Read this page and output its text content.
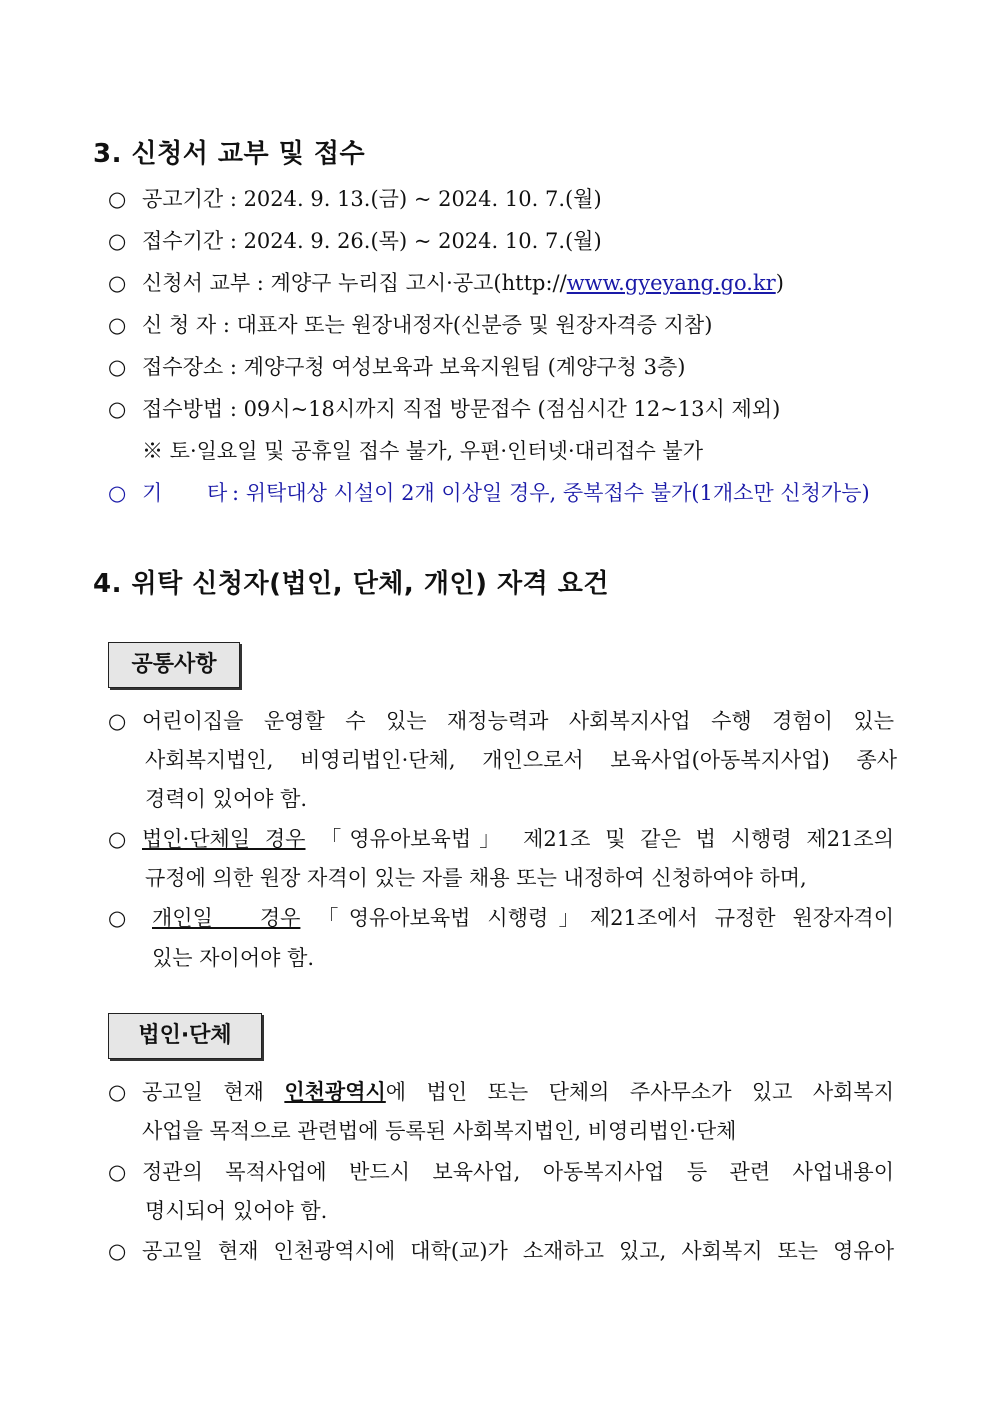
3. 신청서 교부 및 접수
○ 공고기간 : 2024. 9. 13.(금) ~ 2024. 10. 7.(월)
○ 접수기간 : 2024. 9. 26.(목) ~ 2024. 10. 7.(월)
○ 신청서 교부 : 계양구 누리집 고시·공고(http://www.gyeyang.go.kr)
○ 신 청 자 : 대표자 또는 원장내정자(신분증 및 원장자격증 지참)
○ 접수장소 : 계양구청 여성보육과 보육지원팀 (계양구청 3층)
○ 접수방법 : 09시~18시까지 직접 방문접수 (점심시간 12~13시 제외)
※ 토·일요일 및 공휴일 접수 불가, 우편·인터넷·대리접수 불가
○ 기 타 : 위탁대상 시설이 2개 이상일 경우, 중복접수 불가(1개소만 신청가능)
4. 위탁 신청자(법인, 단체, 개인) 자격 요건
공통사항
○ 어린이집을 운영할 수 있는 재정능력과 사회복지사업 수행 경험이 있는
사회복지법인, 비영리법인·단체, 개인으로서 보육사업(아동복지사업) 종사
경력이 있어야 함.
○ 법인·단체일 경우 「영유아보육법」 제21조 및 같은 법 시행령 제21조의
규정에 의한 원장 자격이 있는 자를 채용 또는 내정하여 신청하여야 하며,
○ 개인일 경우 「영유아보육법 시행령」제21조에서 규정한 원장자격이
있는 자이어야 함.
법인·단체
○ 공고일 현재 인천광역시에 법인 또는 단체의 주사무소가 있고 사회복지
사업을 목적으로 관련법에 등록된 사회복지법인, 비영리법인·단체
○ 정관의 목적사업에 반드시 보육사업, 아동복지사업 등 관련 사업내용이
명시되어 있어야 함.
○ 공고일 현재 인천광역시에 대학(교)가 소재하고 있고, 사회복지 또는 영유아
